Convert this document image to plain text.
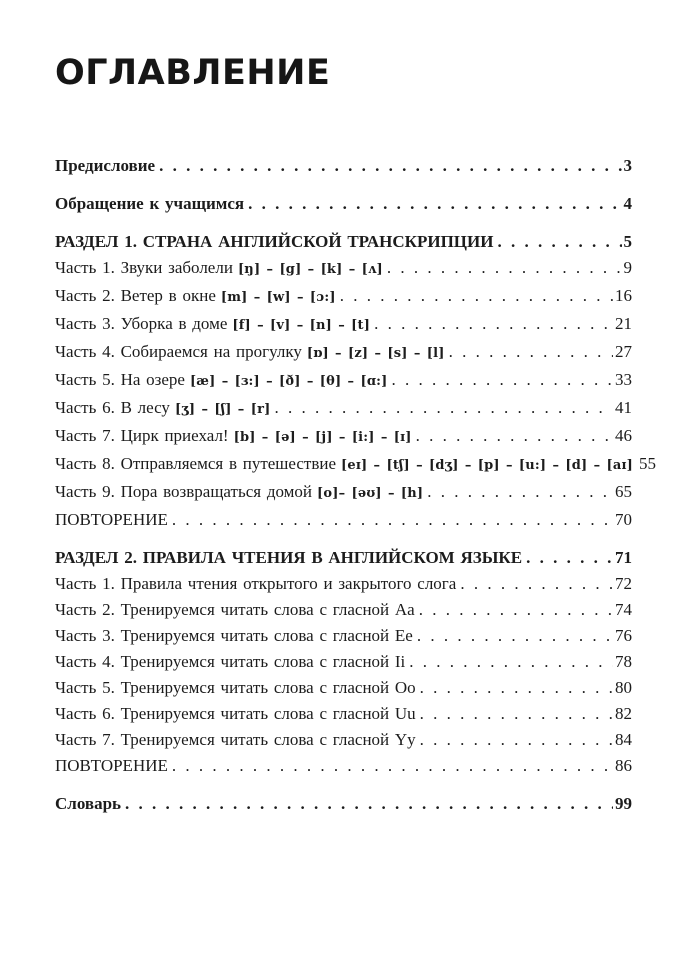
ОГЛАВЛЕНИЕ
Предисловие . . .	3
Обращение к учащимся . . .	4
РАЗДЕЛ 1. СТРАНА АНГЛИЙСКОЙ ТРАНСКРИПЦИИ . . .	5
Часть 1. Звуки заболели [ŋ] – [g] – [k] – [ʌ] . . .	9
Часть 2. Ветер в окне [m] – [w] – [ɔ:] . . .	16
Часть 3. Уборка в доме [f] – [v] – [n] – [t] . . .	21
Часть 4. Собираемся на прогулку [ɒ] – [z] – [s] – [l] . . .	27
Часть 5. На озере [æ] – [ɜ:] – [ð] – [θ] – [ɑ:] . . .	33
Часть 6. В лесу [ʒ] – [ʃ] – [r] . . .	41
Часть 7. Цирк приехал! [b] – [ə] – [j] – [i:] – [ɪ] . . .	46
Часть 8. Отправляемся в путешествие [eɪ] – [tʃ] – [dʒ] – [p] – [u:] – [d] – [aɪ] 55
Часть 9. Пора возвращаться домой [o]– [əʊ] – [h] . . .	65
ПОВТОРЕНИЕ . . .	70
РАЗДЕЛ 2. ПРАВИЛА ЧТЕНИЯ В АНГЛИЙСКОМ ЯЗЫКЕ . . .	71
Часть 1. Правила чтения открытого и закрытого слога . . .	72
Часть 2. Тренируемся читать слова с гласной Aa . . .	74
Часть 3. Тренируемся читать слова с гласной Ee . . .	76
Часть 4. Тренируемся читать слова с гласной Ii . . .	78
Часть 5. Тренируемся читать слова с гласной Oo . . .	80
Часть 6. Тренируемся читать слова с гласной Uu . . .	82
Часть 7. Тренируемся читать слова с гласной Yy . . .	84
ПОВТОРЕНИЕ . . .	86
Словарь . . .	99
